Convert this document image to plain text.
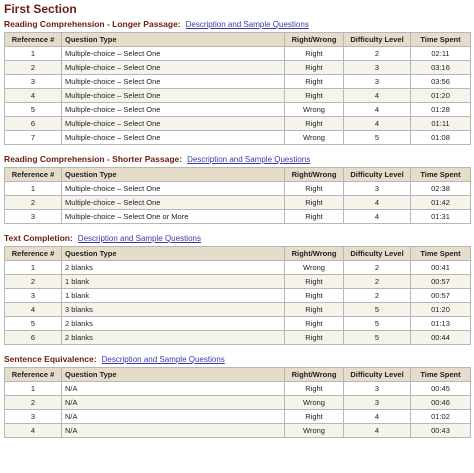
First Section
Reading Comprehension - Longer Passage: Description and Sample Questions
Reference #	Question Type	Right/Wrong	Difficulty Level	Time Spent
1	Multiple-choice – Select One	Right	2	02:11
2	Multiple-choice – Select One	Right	3	03:16
3	Multiple-choice – Select One	Right	3	03:56
4	Multiple-choice – Select One	Right	4	01:20
5	Multiple-choice – Select One	Wrong	4	01:28
6	Multiple-choice – Select One	Right	4	01:11
7	Multiple-choice – Select One	Wrong	5	01:08
Reading Comprehension - Shorter Passage: Description and Sample Questions
Reference #	Question Type	Right/Wrong	Difficulty Level	Time Spent
1	Multiple-choice – Select One	Right	3	02:38
2	Multiple-choice – Select One	Right	4	01:42
3	Multiple-choice – Select One or More	Right	4	01:31
Text Completion: Description and Sample Questions
Reference #	Question Type	Right/Wrong	Difficulty Level	Time Spent
1	2 blanks	Wrong	2	00:41
2	1 blank	Right	2	00:57
3	1 blank	Right	2	00:57
4	3 blanks	Right	5	01:20
5	2 blanks	Right	5	01:13
6	2 blanks	Right	5	00:44
Sentence Equivalence: Description and Sample Questions
Reference #	Question Type	Right/Wrong	Difficulty Level	Time Spent
1	N/A	Right	3	00:45
2	N/A	Wrong	3	00:46
3	N/A	Right	4	01:02
4	N/A	Wrong	4	00:43
